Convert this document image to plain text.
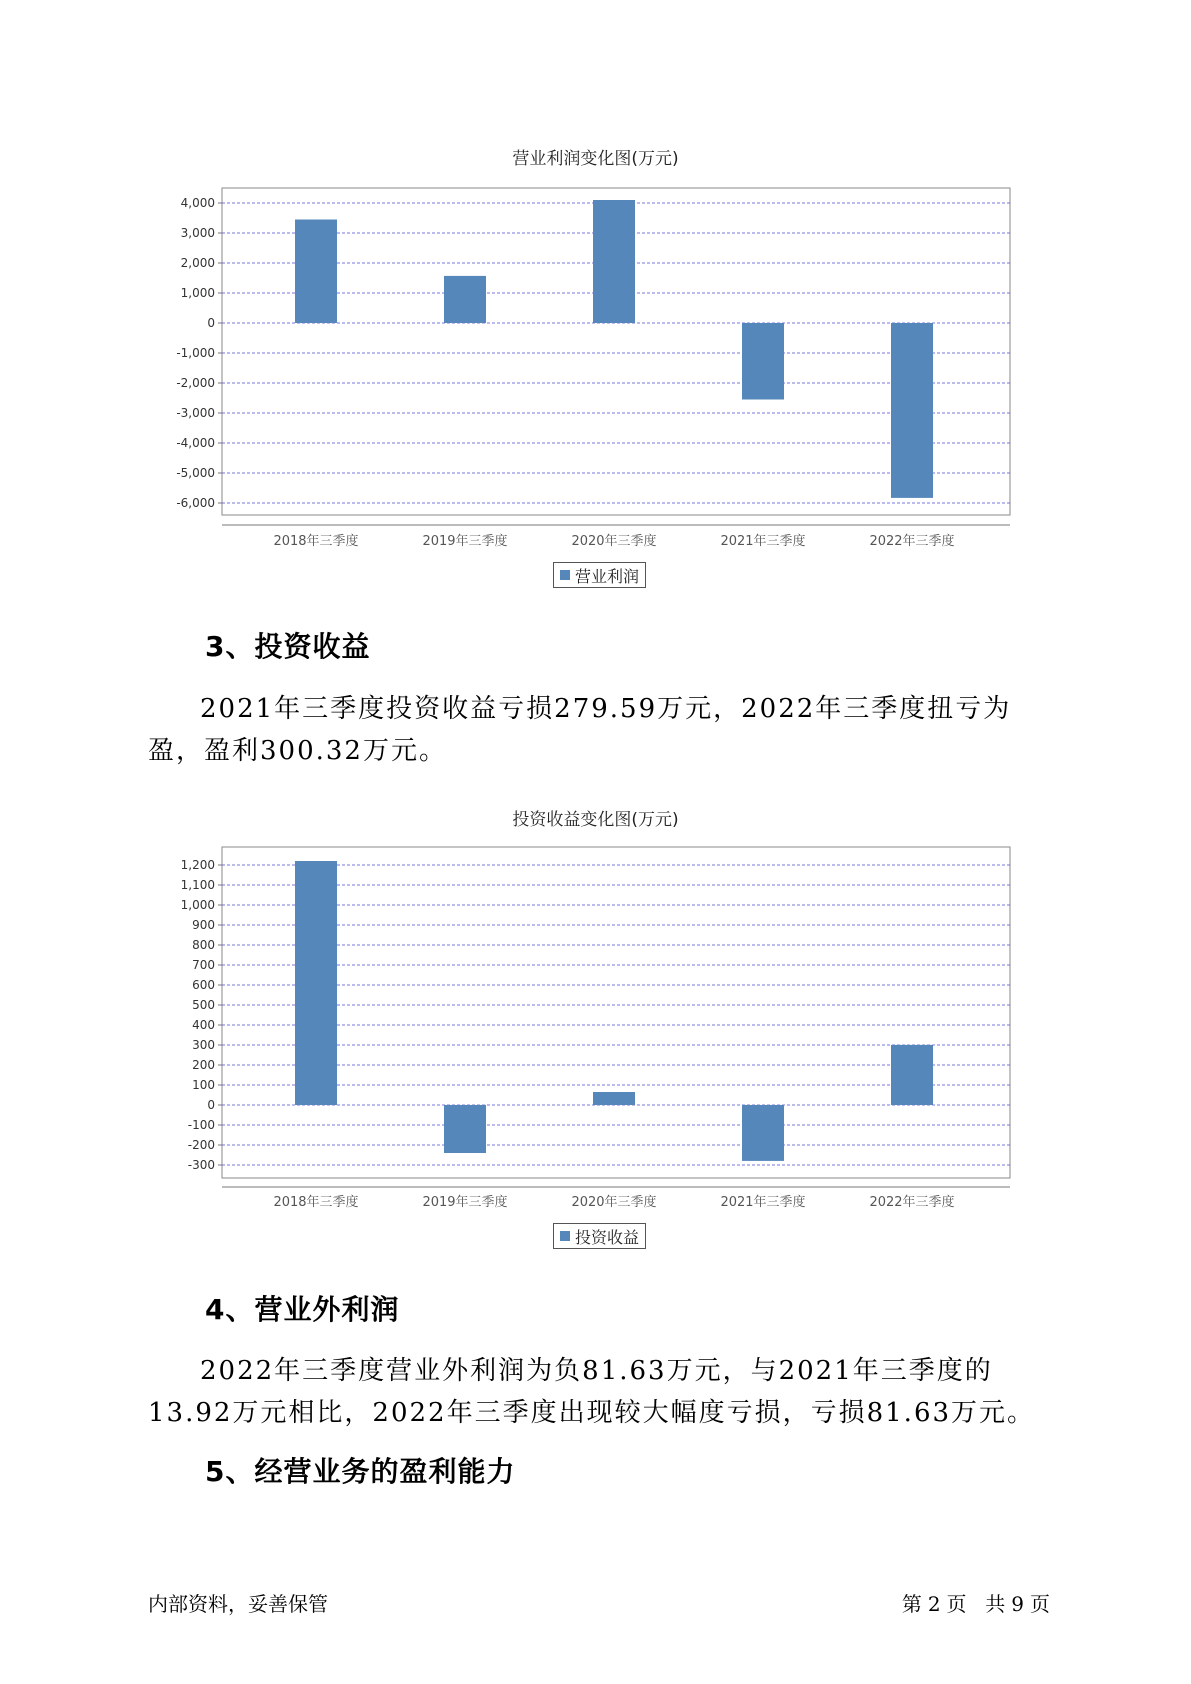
营业利润变化图(万元)
4,000
3,000
2,000
1,000
0
-1,000
-2,000
-3,000
-4,000
-5,000
-6,000
2018年三季度	2019年三季度	2020年三季度	2021年三季度	2022年三季度
营业利润
3、投资收益

2021年三季度投资收益亏损279.59万元，2022年三季度扭亏为盈，盈利300.32万元。

投资收益变化图(万元)
1,200
1,100
1,000
900
800
700
600
500
400
300
200
100
0
-100
-200
-300
2018年三季度	2019年三季度	2020年三季度	2021年三季度	2022年三季度
投资收益
4、营业外利润

2022年三季度营业外利润为负81.63万元，与2021年三季度的13.92万元相比，2022年三季度出现较大幅度亏损，亏损81.63万元。

5、经营业务的盈利能力
内部资料，妥善保管	第 2 页 共 9 页
